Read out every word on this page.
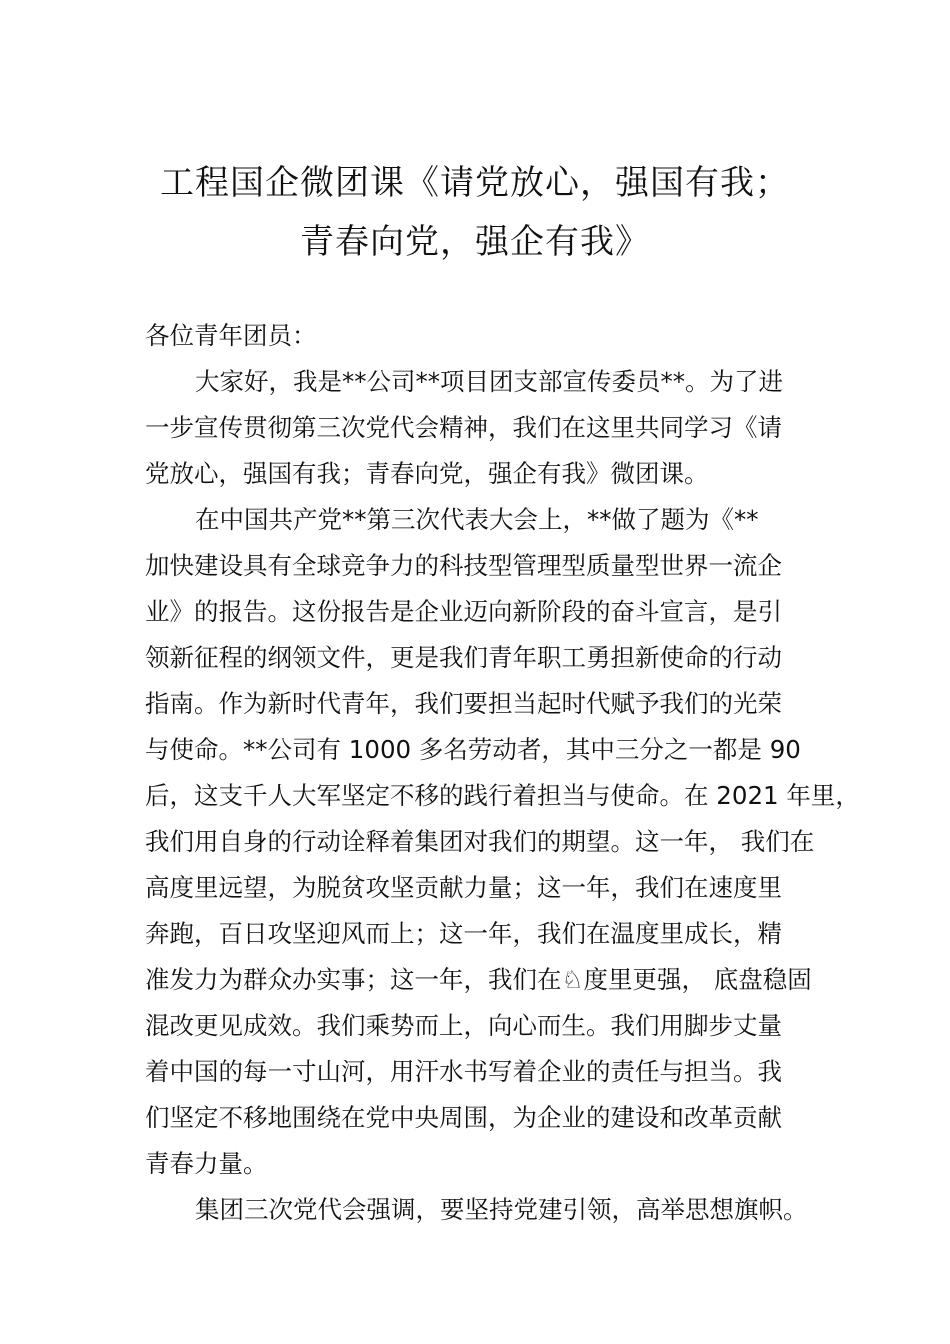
工程国企微团课《请党放心，强国有我；
青春向党，强企有我》
各位青年团员：
大家好，我是**公司**项目团支部宣传委员**。为了进
一步宣传贯彻第三次党代会精神，我们在这里共同学习《请
党放心，强国有我；青春向党，强企有我》微团课。
在中国共产党**第三次代表大会上，**做了题为《**
加快建设具有全球竞争力的科技型管理型质量型世界一流企
业》的报告。这份报告是企业迈向新阶段的奋斗宣言，是引
领新征程的纲领文件，更是我们青年职工勇担新使命的行动
指南。作为新时代青年，我们要担当起时代赋予我们的光荣
与使命。**公司有 1000 多名劳动者，其中三分之一都是 90
后，这支千人大军坚定不移的践行着担当与使命。在 2021 年里，
我们用自身的行动诠释着集团对我们的期望。这一年， 我们在
高度里远望，为脱贫攻坚贡献力量；这一年，我们在速度里
奔跑，百日攻坚迎风而上；这一年，我们在温度里成长，精
准发力为群众办实事；这一年，我们在♘度里更强， 底盘稳固
混改更见成效。我们乘势而上，向心而生。我们用脚步丈量
着中国的每一寸山河，用汗水书写着企业的责任与担当。我
们坚定不移地围绕在党中央周围，为企业的建设和改革贡献
青春力量。
集团三次党代会强调，要坚持党建引领，高举思想旗帜。
